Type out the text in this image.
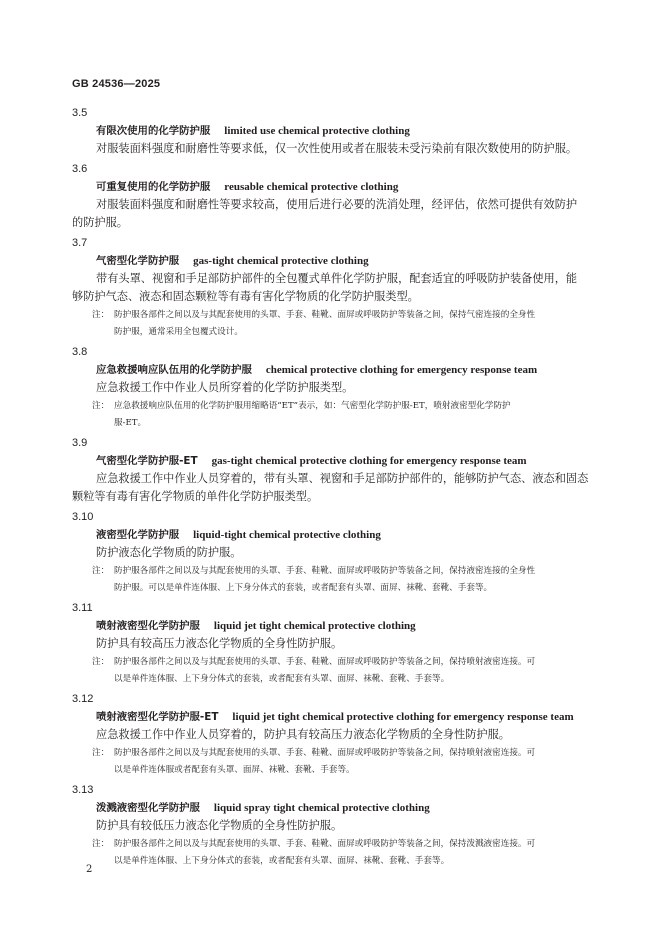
GB 24536—2025
3.5
有限次使用的化学防护服 limited use chemical protective clothing
对服装面料强度和耐磨性等要求低，仅一次性使用或者在服装未受污染前有限次数使用的防护服。
3.6
可重复使用的化学防护服 reusable chemical protective clothing
对服装面料强度和耐磨性等要求较高，使用后进行必要的洗消处理，经评估，依然可提供有效防护
的防护服。
3.7
气密型化学防护服 gas-tight chemical protective clothing
带有头罩、视窗和手足部防护部件的全包覆式单件化学防护服，配套适宜的呼吸防护装备使用，能
够防护气态、液态和固态颗粒等有毒有害化学物质的化学防护服类型。
注： 防护服各部件之间以及与其配套使用的头罩、手套、鞋靴、面屏或呼吸防护等装备之间，保持气密连接的全身性
防护服，通常采用全包覆式设计。
3.8
应急救援响应队伍用的化学防护服 chemical protective clothing for emergency response team
应急救援工作中作业人员所穿着的化学防护服类型。
注： 应急救援响应队伍用的化学防护服用缩略语“ET”表示，如：气密型化学防护服-ET，喷射液密型化学防护
服-ET。
3.9
气密型化学防护服-ET gas-tight chemical protective clothing for emergency response team
应急救援工作中作业人员穿着的，带有头罩、视窗和手足部防护部件的，能够防护气态、液态和固态
颗粒等有毒有害化学物质的单件化学防护服类型。
3.10
液密型化学防护服 liquid-tight chemical protective clothing
防护液态化学物质的防护服。
注： 防护服各部件之间以及与其配套使用的头罩、手套、鞋靴、面屏或呼吸防护等装备之间，保持液密连接的全身性
防护服。可以是单件连体服、上下身分体式的套装，或者配套有头罩、面屏、袜靴、套靴、手套等。
3.11
喷射液密型化学防护服 liquid jet tight chemical protective clothing
防护具有较高压力液态化学物质的全身性防护服。
注： 防护服各部件之间以及与其配套使用的头罩、手套、鞋靴、面屏或呼吸防护等装备之间，保持喷射液密连接。可
以是单件连体服、上下身分体式的套装，或者配套有头罩、面屏、袜靴、套靴、手套等。
3.12
喷射液密型化学防护服-ET liquid jet tight chemical protective clothing for emergency response team
应急救援工作中作业人员穿着的，防护具有较高压力液态化学物质的全身性防护服。
注： 防护服各部件之间以及与其配套使用的头罩、手套、鞋靴、面屏或呼吸防护等装备之间，保持喷射液密连接。可
以是单件连体服或者配套有头罩、面屏、袜靴、套靴、手套等。
3.13
泼溅液密型化学防护服 liquid spray tight chemical protective clothing
防护具有较低压力液态化学物质的全身性防护服。
注： 防护服各部件之间以及与其配套使用的头罩、手套、鞋靴、面屏或呼吸防护等装备之间，保持泼溅液密连接。可
以是单件连体服、上下身分体式的套装，或者配套有头罩、面屏、袜靴、套靴、手套等。
2
